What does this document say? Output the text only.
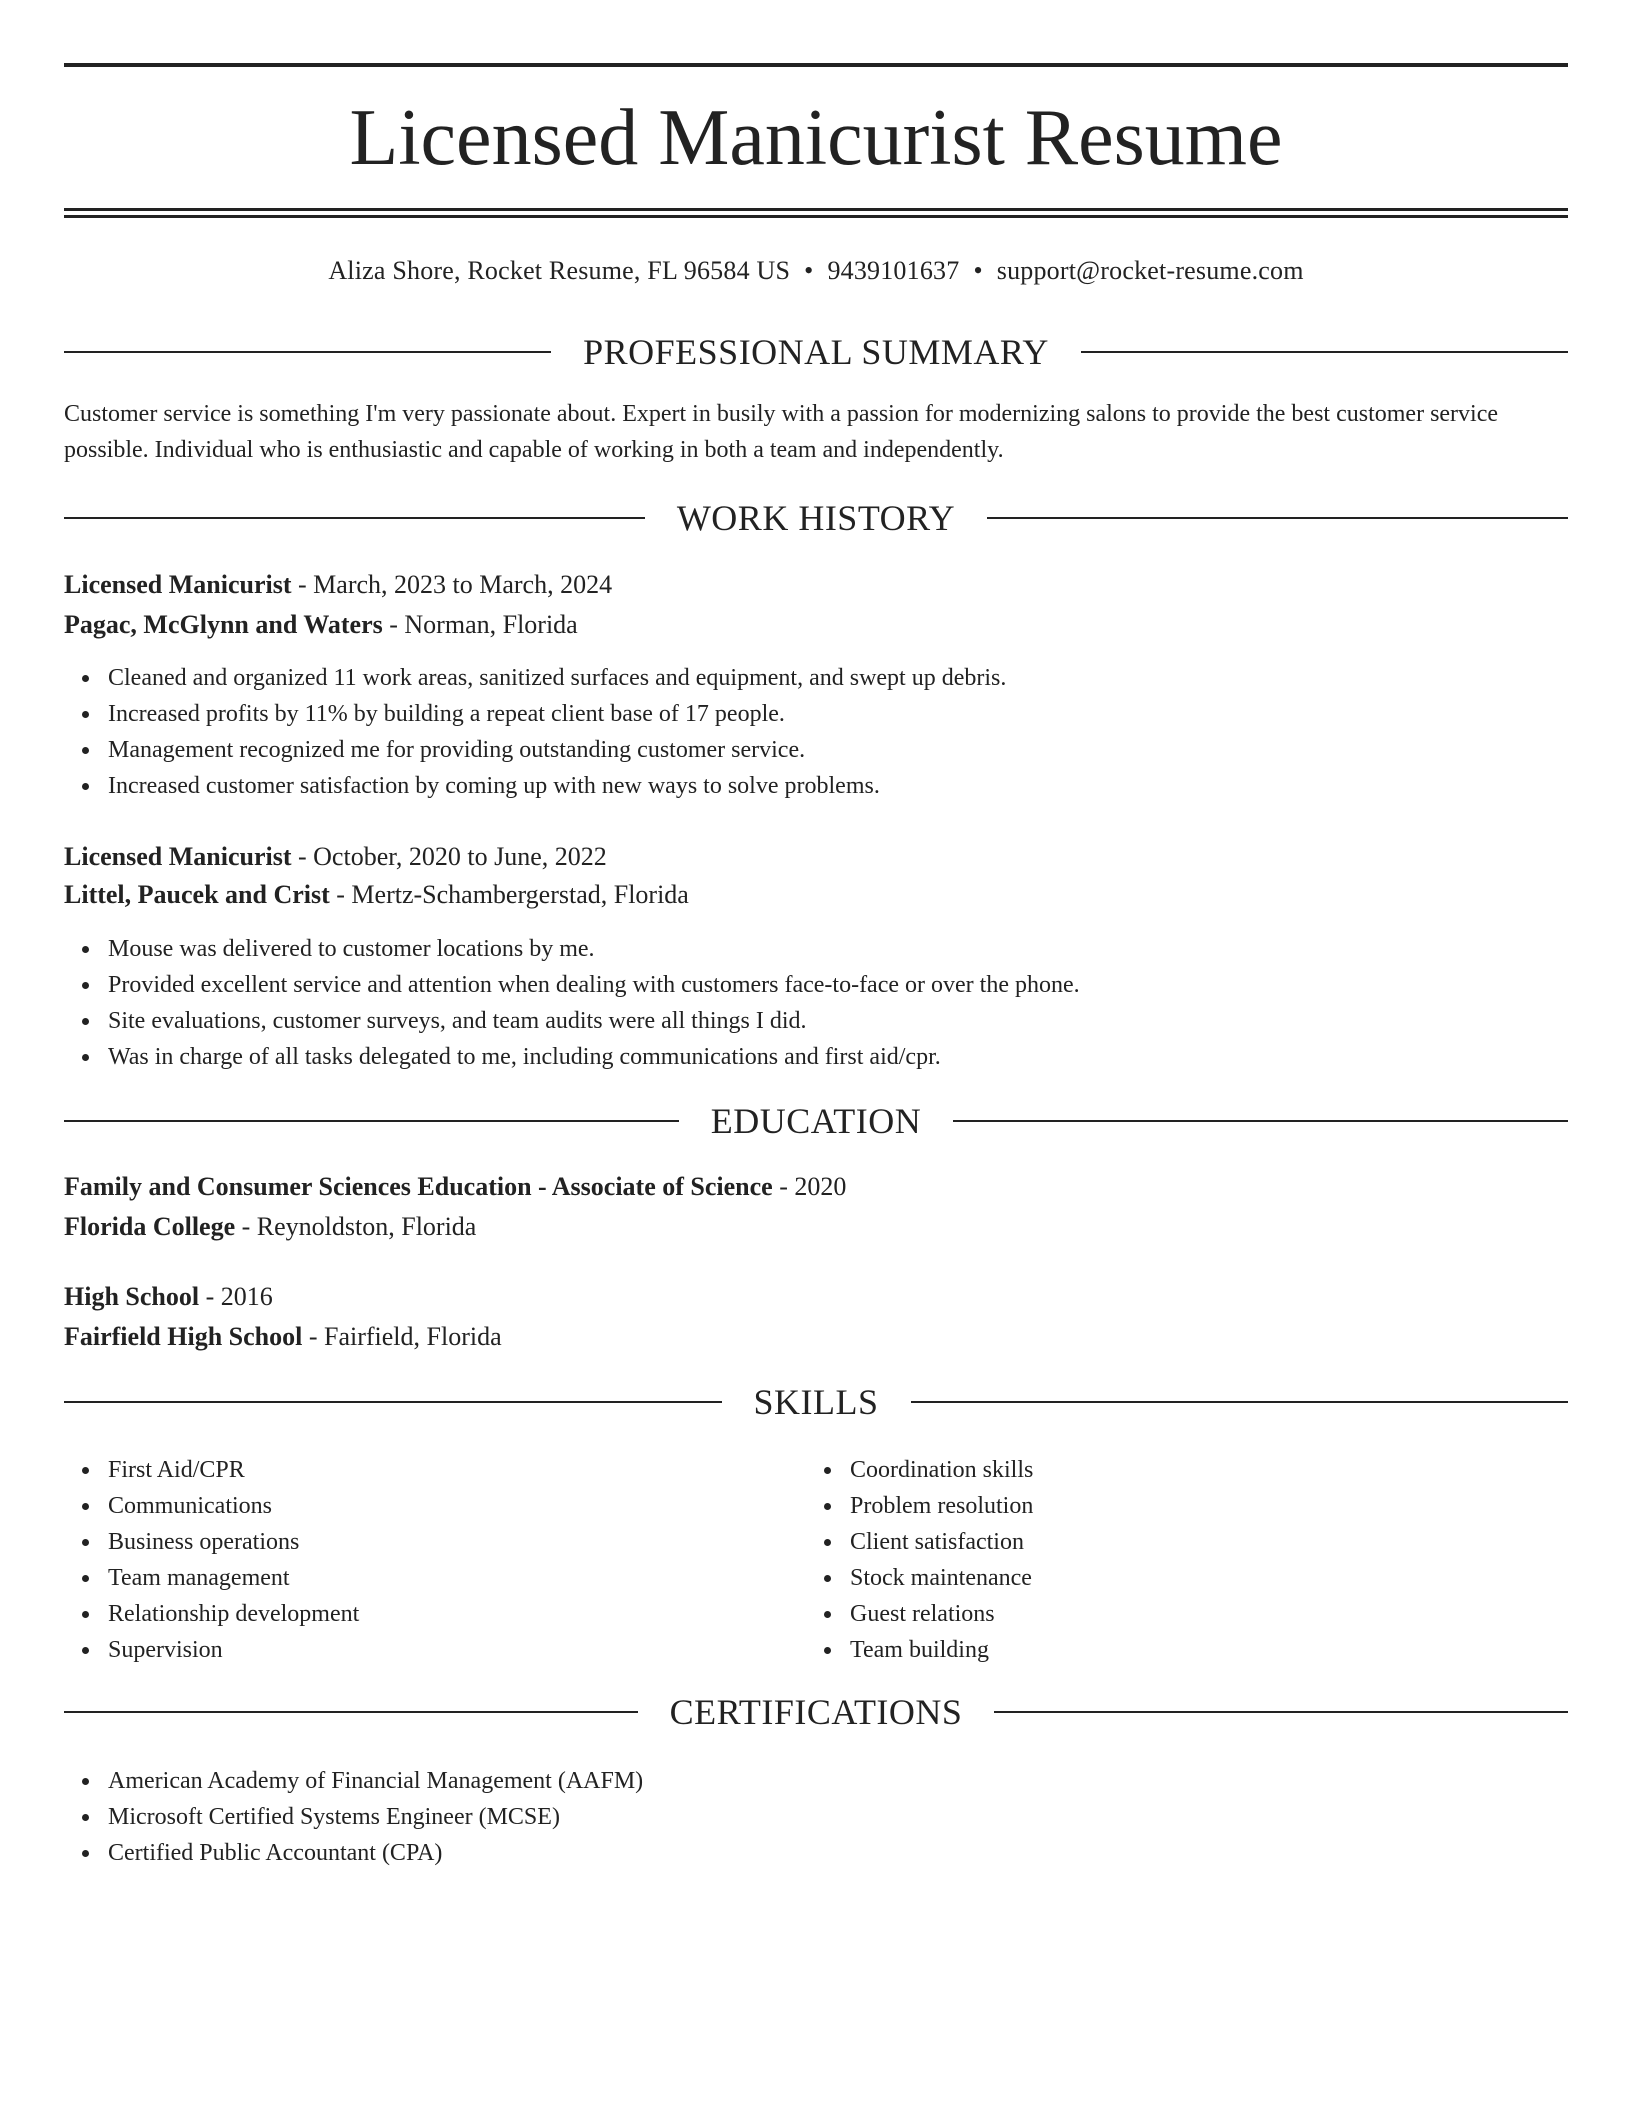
Licensed Manicurist Resume
Aliza Shore, Rocket Resume, FL 96584 US • 9439101637 • support@rocket-resume.com
PROFESSIONAL SUMMARY

Customer service is something I'm very passionate about. Expert in busily with a passion for modernizing salons to provide the best customer service possible. Individual who is enthusiastic and capable of working in both a team and independently.

WORK HISTORY
Licensed Manicurist - March, 2023 to March, 2024
Pagac, McGlynn and Waters - Norman, Florida
Cleaned and organized 11 work areas, sanitized surfaces and equipment, and swept up debris.
Increased profits by 11% by building a repeat client base of 17 people.
Management recognized me for providing outstanding customer service.
Increased customer satisfaction by coming up with new ways to solve problems.
Licensed Manicurist - October, 2020 to June, 2022
Littel, Paucek and Crist - Mertz-Schambergerstad, Florida
Mouse was delivered to customer locations by me.
Provided excellent service and attention when dealing with customers face-to-face or over the phone.
Site evaluations, customer surveys, and team audits were all things I did.
Was in charge of all tasks delegated to me, including communications and first aid/cpr.
EDUCATION
Family and Consumer Sciences Education - Associate of Science - 2020
Florida College - Reynoldston, Florida
High School - 2016
Fairfield High School - Fairfield, Florida
SKILLS
First Aid/CPR
Communications
Business operations
Team management
Relationship development
Supervision
Coordination skills
Problem resolution
Client satisfaction
Stock maintenance
Guest relations
Team building
CERTIFICATIONS
American Academy of Financial Management (AAFM)
Microsoft Certified Systems Engineer (MCSE)
Certified Public Accountant (CPA)
